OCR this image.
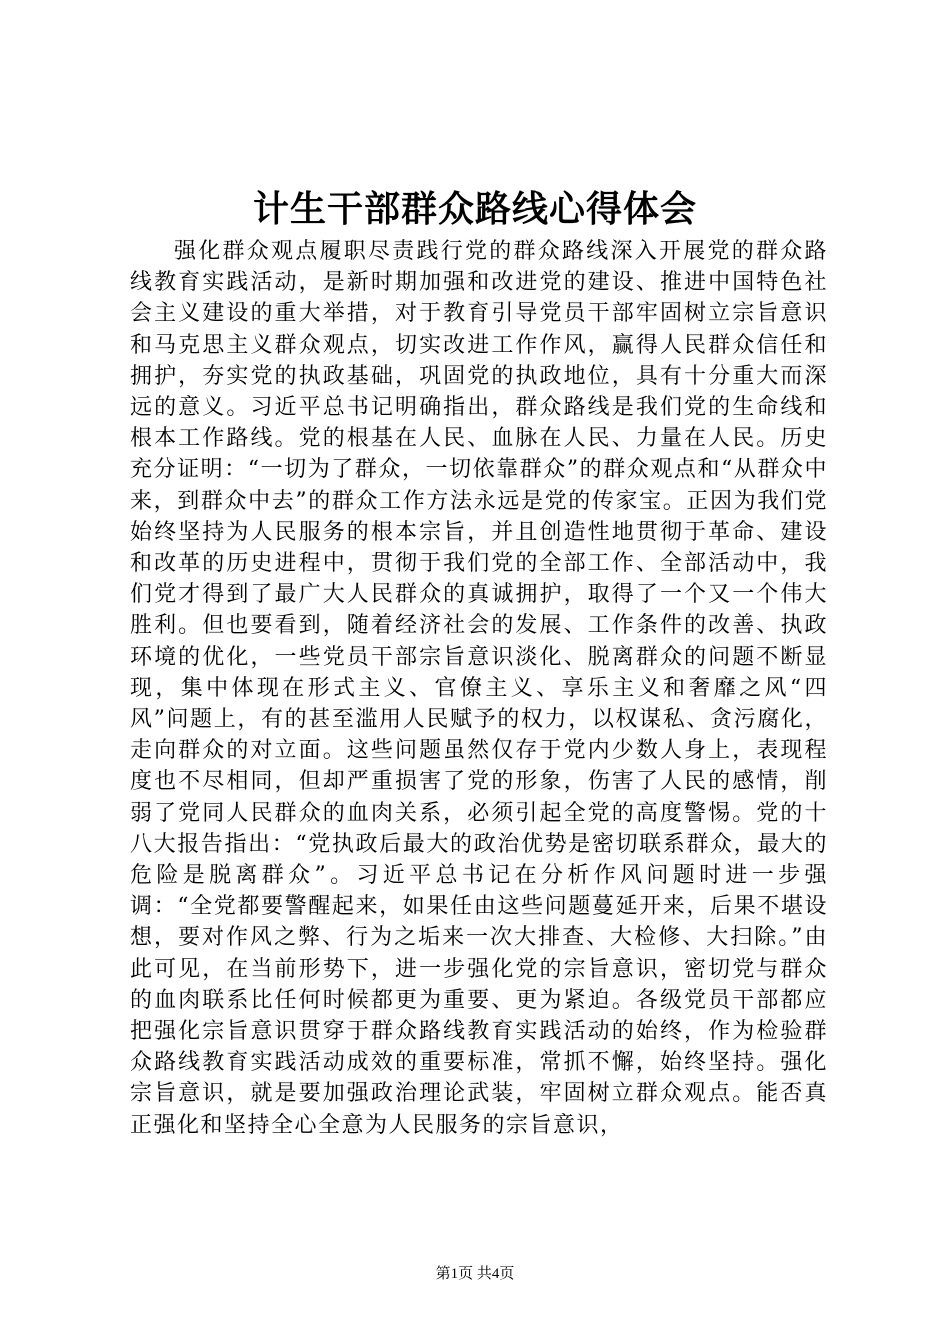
计生干部群众路线心得体会

强化群众观点履职尽责践行党的群众路线深入开展党的群众路线教育实践活动，是新时期加强和改进党的建设、推进中国特色社会主义建设的重大举措，对于教育引导党员干部牢固树立宗旨意识和马克思主义群众观点，切实改进工作作风，赢得人民群众信任和拥护，夯实党的执政基础，巩固党的执政地位，具有十分重大而深远的意义。习近平总书记明确指出，群众路线是我们党的生命线和根本工作路线。党的根基在人民、血脉在人民、力量在人民。历史充分证明：“一切为了群众，一切依靠群众”的群众观点和“从群众中来，到群众中去”的群众工作方法永远是党的传家宝。正因为我们党始终坚持为人民服务的根本宗旨，并且创造性地贯彻于革命、建设和改革的历史进程中，贯彻于我们党的全部工作、全部活动中，我们党才得到了最广大人民群众的真诚拥护，取得了一个又一个伟大胜利。但也要看到，随着经济社会的发展、工作条件的改善、执政环境的优化，一些党员干部宗旨意识淡化、脱离群众的问题不断显现，集中体现在形式主义、官僚主义、享乐主义和奢靡之风“四风”问题上，有的甚至滥用人民赋予的权力，以权谋私、贪污腐化，走向群众的对立面。这些问题虽然仅存于党内少数人身上，表现程度也不尽相同，但却严重损害了党的形象，伤害了人民的感情，削弱了党同人民群众的血肉关系，必须引起全党的高度警惕。党的十八大报告指出：“党执政后最大的政治优势是密切联系群众，最大的危险是脱离群众”。习近平总书记在分析作风问题时进一步强调：“全党都要警醒起来，如果任由这些问题蔓延开来，后果不堪设想，要对作风之弊、行为之垢来一次大排查、大检修、大扫除。”由此可见，在当前形势下，进一步强化党的宗旨意识，密切党与群众的血肉联系比任何时候都更为重要、更为紧迫。各级党员干部都应把强化宗旨意识贯穿于群众路线教育实践活动的始终，作为检验群众路线教育实践活动成效的重要标准，常抓不懈，始终坚持。强化宗旨意识，就是要加强政治理论武装，牢固树立群众观点。能否真正强化和坚持全心全意为人民服务的宗旨意识，

第1页 共4页
